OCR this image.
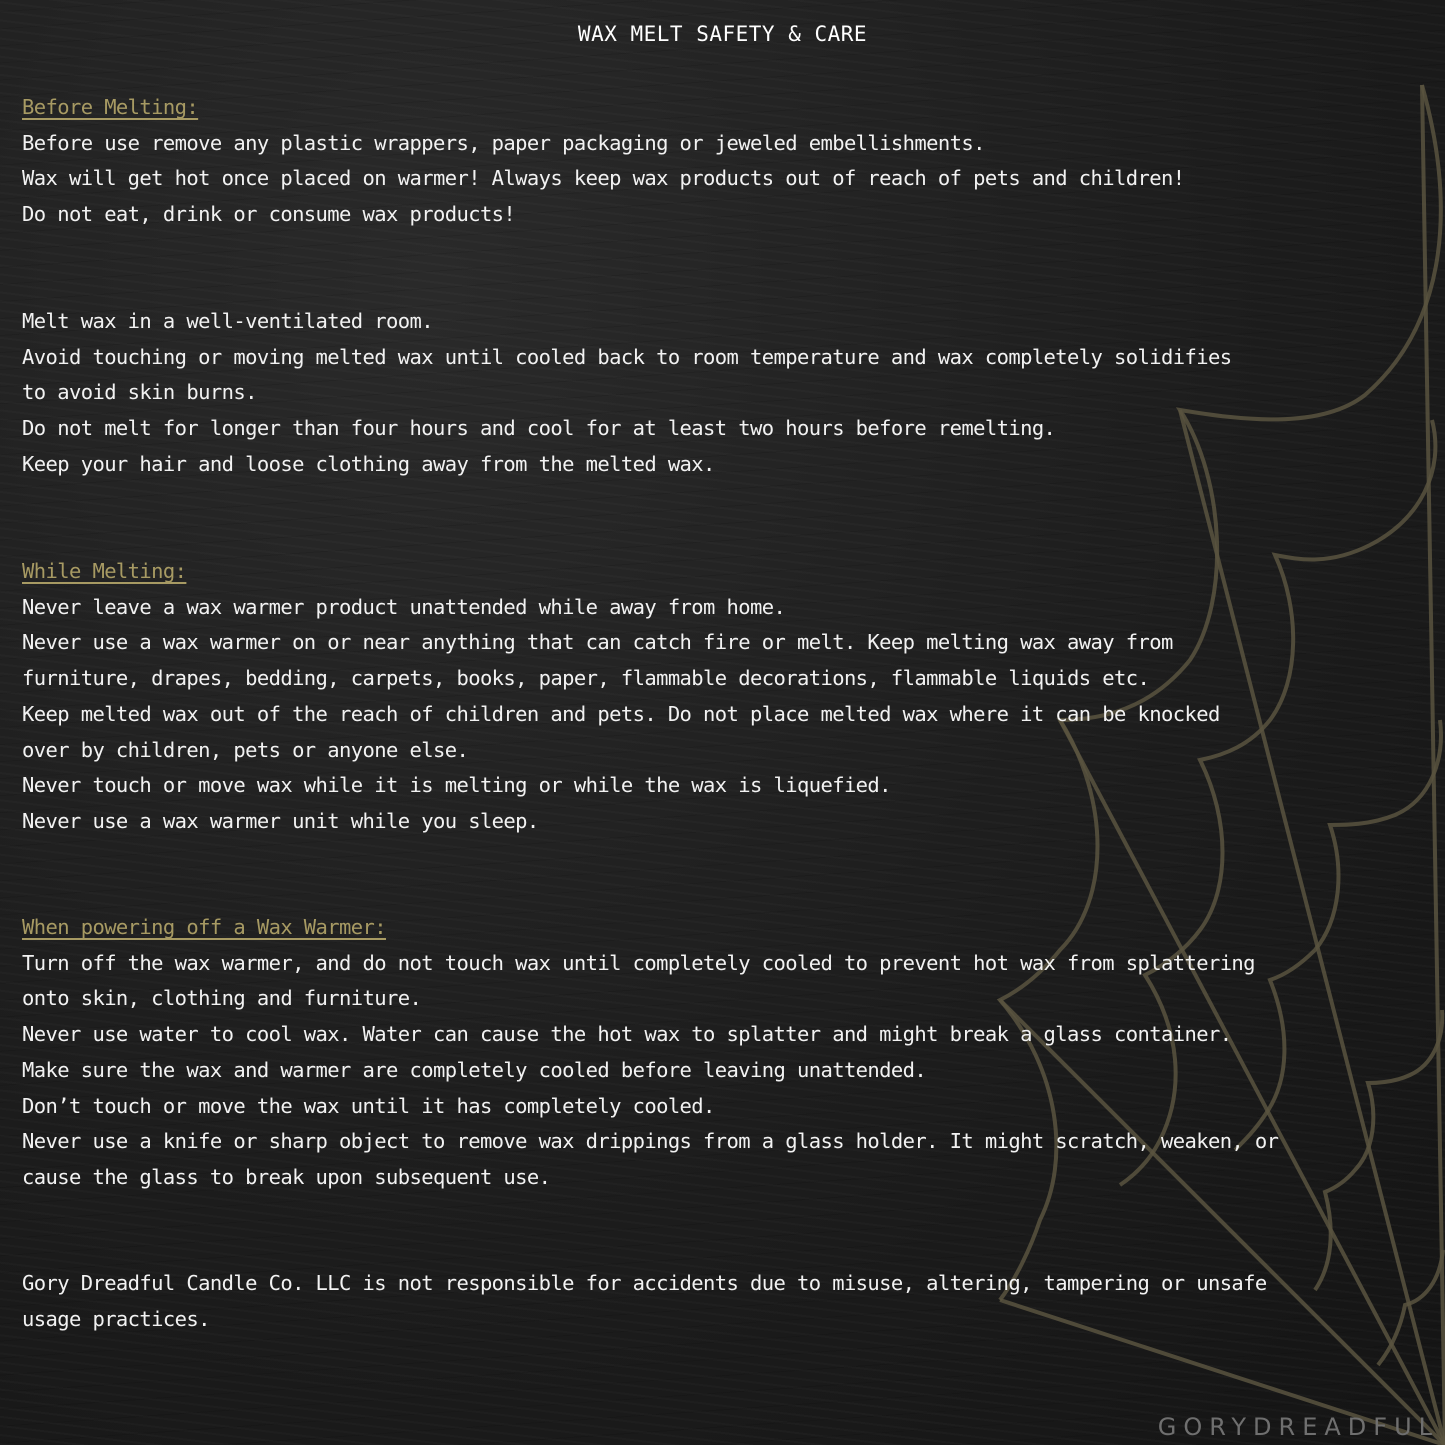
WAX MELT SAFETY & CARE
Before Melting:
Before use remove any plastic wrappers, paper packaging or jeweled embellishments.
Wax will get hot once placed on warmer! Always keep wax products out of reach of pets and children!
Do not eat, drink or consume wax products!
Melt wax in a well-ventilated room.
Avoid touching or moving melted wax until cooled back to room temperature and wax completely solidifies
to avoid skin burns.
Do not melt for longer than four hours and cool for at least two hours before remelting.
Keep your hair and loose clothing away from the melted wax.
While Melting:
Never leave a wax warmer product unattended while away from home.
Never use a wax warmer on or near anything that can catch fire or melt. Keep melting wax away from
furniture, drapes, bedding, carpets, books, paper, flammable decorations, flammable liquids etc.
Keep melted wax out of the reach of children and pets. Do not place melted wax where it can be knocked
over by children, pets or anyone else.
Never touch or move wax while it is melting or while the wax is liquefied.
Never use a wax warmer unit while you sleep.
When powering off a Wax Warmer:
Turn off the wax warmer, and do not touch wax until completely cooled to prevent hot wax from splattering
onto skin, clothing and furniture.
Never use water to cool wax. Water can cause the hot wax to splatter and might break a glass container.
Make sure the wax and warmer are completely cooled before leaving unattended.
Don’t touch or move the wax until it has completely cooled.
Never use a knife or sharp object to remove wax drippings from a glass holder. It might scratch, weaken, or
cause the glass to break upon subsequent use.
Gory Dreadful Candle Co. LLC is not responsible for accidents due to misuse, altering, tampering or unsafe
usage practices.
GORYDREADFUL
